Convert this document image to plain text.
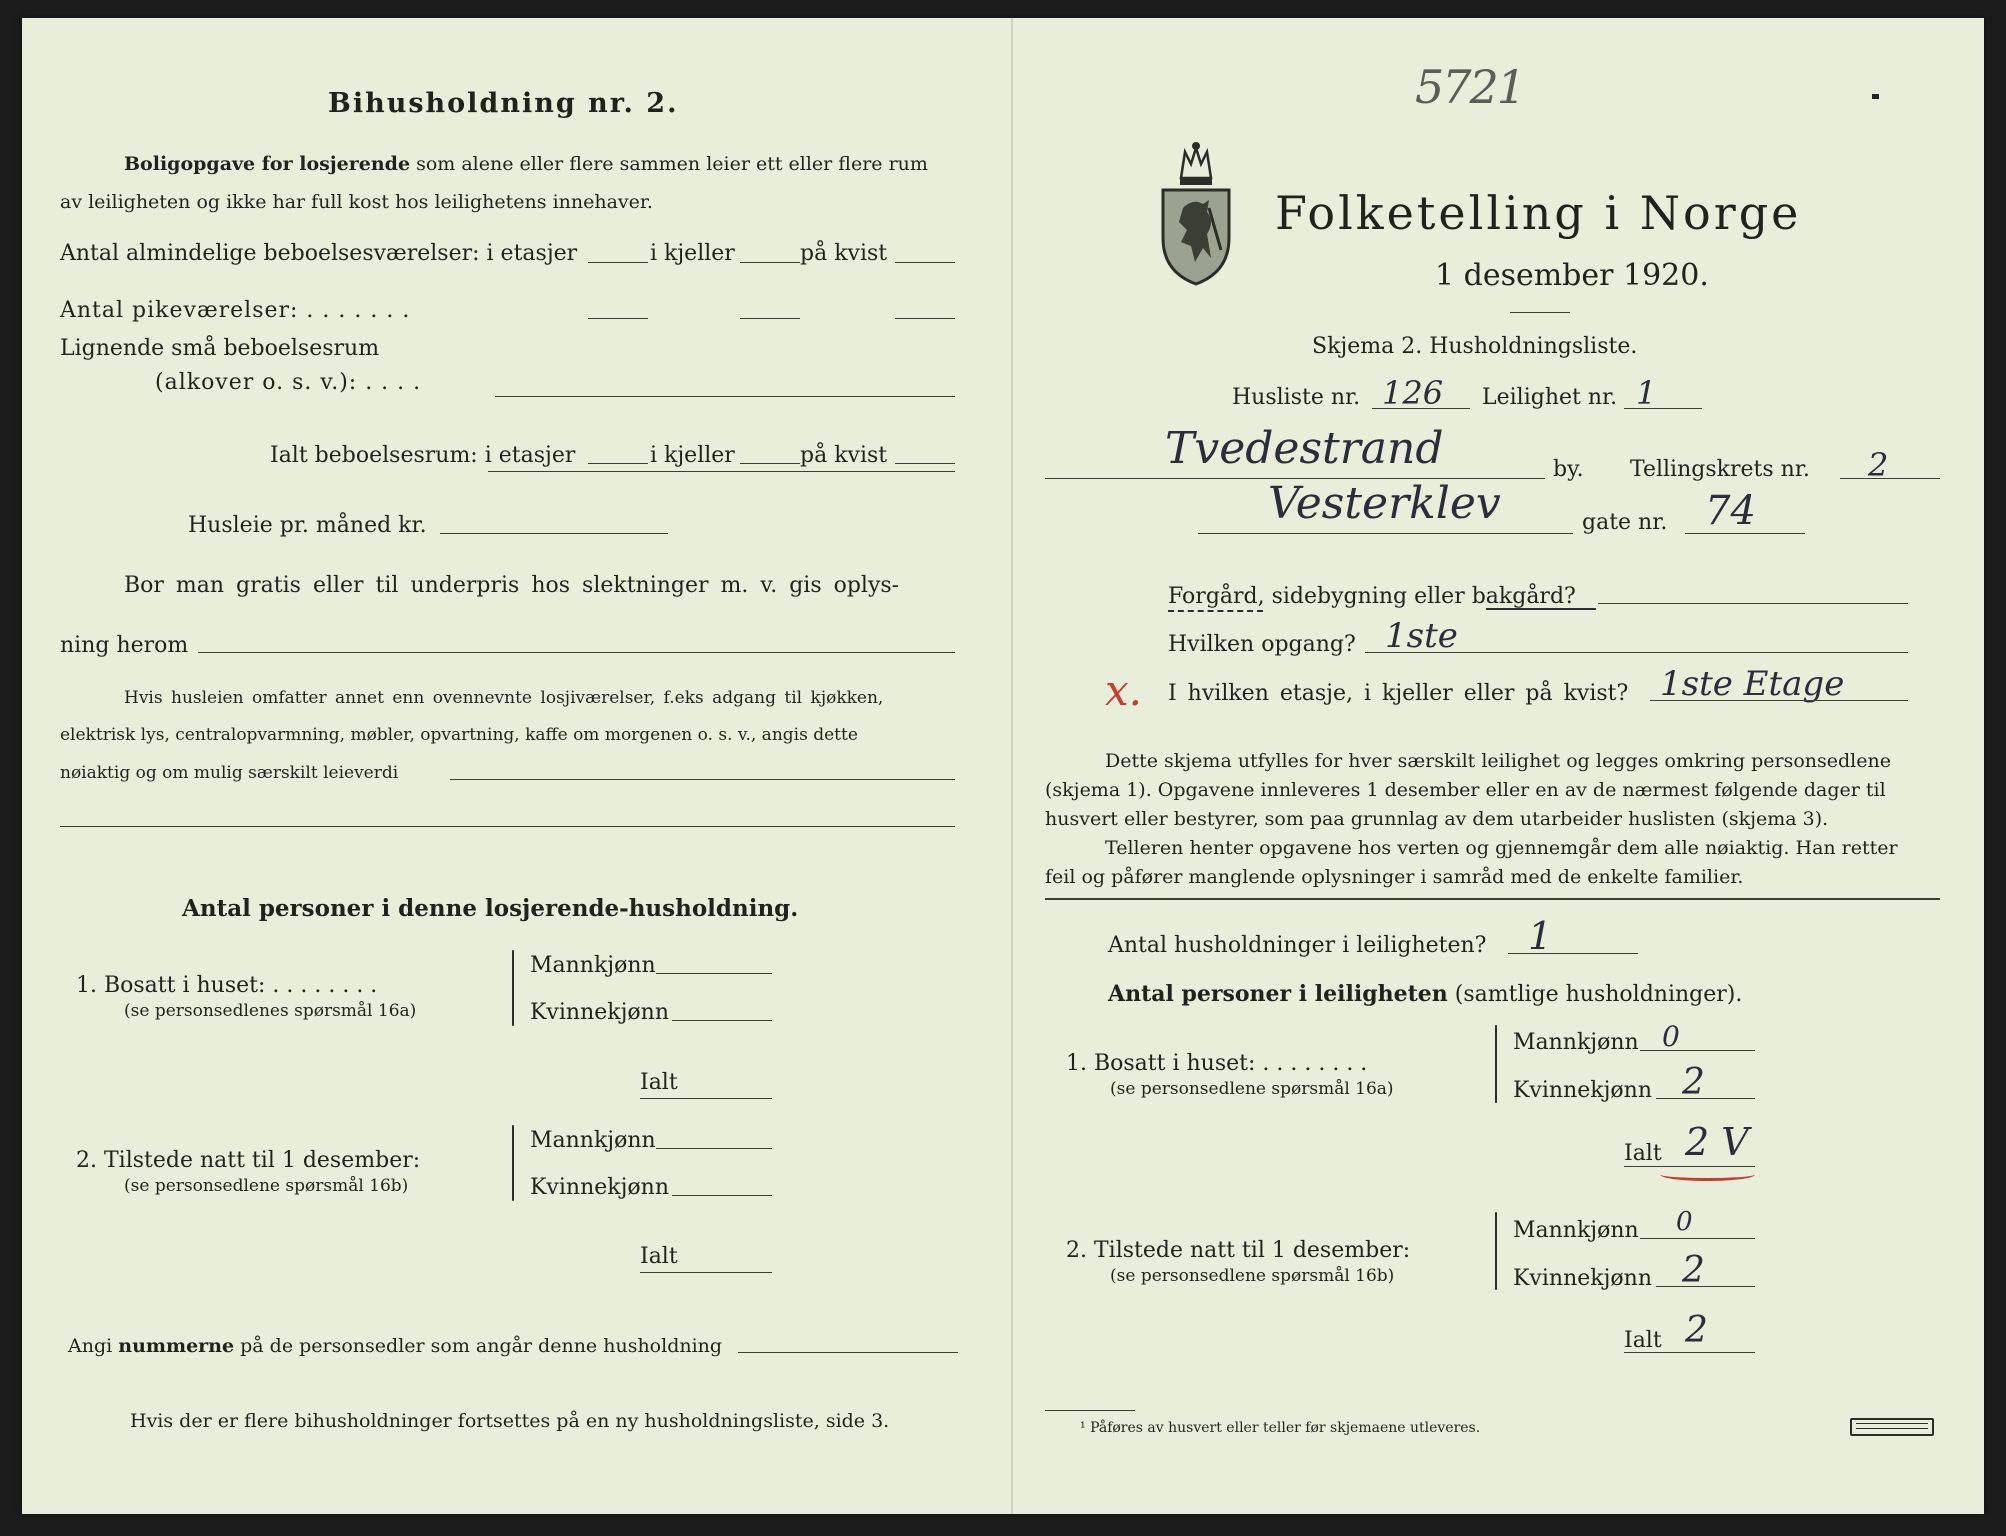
Bihusholdning nr. 2.
Boligopgave for losjerende som alene eller flere sammen leier ett eller flere rum
av leiligheten og ikke har full kost hos leilighetens innehaver.
Antal almindelige beboelsesværelser: i etasjer	i kjeller	på kvist
Antal pikeværelser: . . . . . . .
Lignende små beboelsesrum
(alkover o. s. v.): . . . .
Ialt beboelsesrum: i etasjer	i kjeller	på kvist
Husleie pr. måned kr.
Bor man gratis eller til underpris hos slektninger m. v. gis oplys-
ning herom
Hvis husleien omfatter annet enn ovennevnte losjiværelser, f.eks adgang til kjøkken,
elektrisk lys, centralopvarmning, møbler, opvartning, kaffe om morgenen o. s. v., angis dette
nøiaktig og om mulig særskilt leieverdi
Antal personer i denne losjerende-husholdning.
1. Bosatt i huset: . . . . . . . .
(se personsedlenes spørsmål 16a)
Mannkjønn
Kvinnekjønn
Ialt
2. Tilstede natt til 1 desember:
(se personsedlene spørsmål 16b)
Mannkjønn
Kvinnekjønn
Ialt
Angi nummerne på de personsedler som angår denne husholdning
Hvis der er flere bihusholdninger fortsettes på en ny husholdningsliste, side 3.
5721
Folketelling i Norge
1 desember 1920.
Skjema 2. Husholdningsliste.
Husliste nr. 126 Leilighet nr. 1
Tvedestrand	by. Tellingskrets nr. 2
Vesterklev	gate nr. 74
Forgård, sidebygning eller bakgård?
Hvilken opgang? 1ste
x. I hvilken etasje, i kjeller eller på kvist? 1ste Etage
Dette skjema utfylles for hver særskilt leilighet og legges omkring personsedlene
(skjema 1). Opgavene innleveres 1 desember eller en av de nærmest følgende dager til
husvert eller bestyrer, som paa grunnlag av dem utarbeider huslisten (skjema 3).
Telleren henter opgavene hos verten og gjennemgår dem alle nøiaktig. Han retter
feil og påfører manglende oplysninger i samråd med de enkelte familier.
Antal husholdninger i leiligheten? 1
Antal personer i leiligheten (samtlige husholdninger).
1. Bosatt i huset: . . . . . . . .
(se personsedlene spørsmål 16a)
Mannkjønn 0
Kvinnekjønn 2
Ialt 2 V
2. Tilstede natt til 1 desember:
(se personsedlene spørsmål 16b)
Mannkjønn 0
Kvinnekjønn 2
Ialt 2
¹ Påføres av husvert eller teller før skjemaene utleveres.
